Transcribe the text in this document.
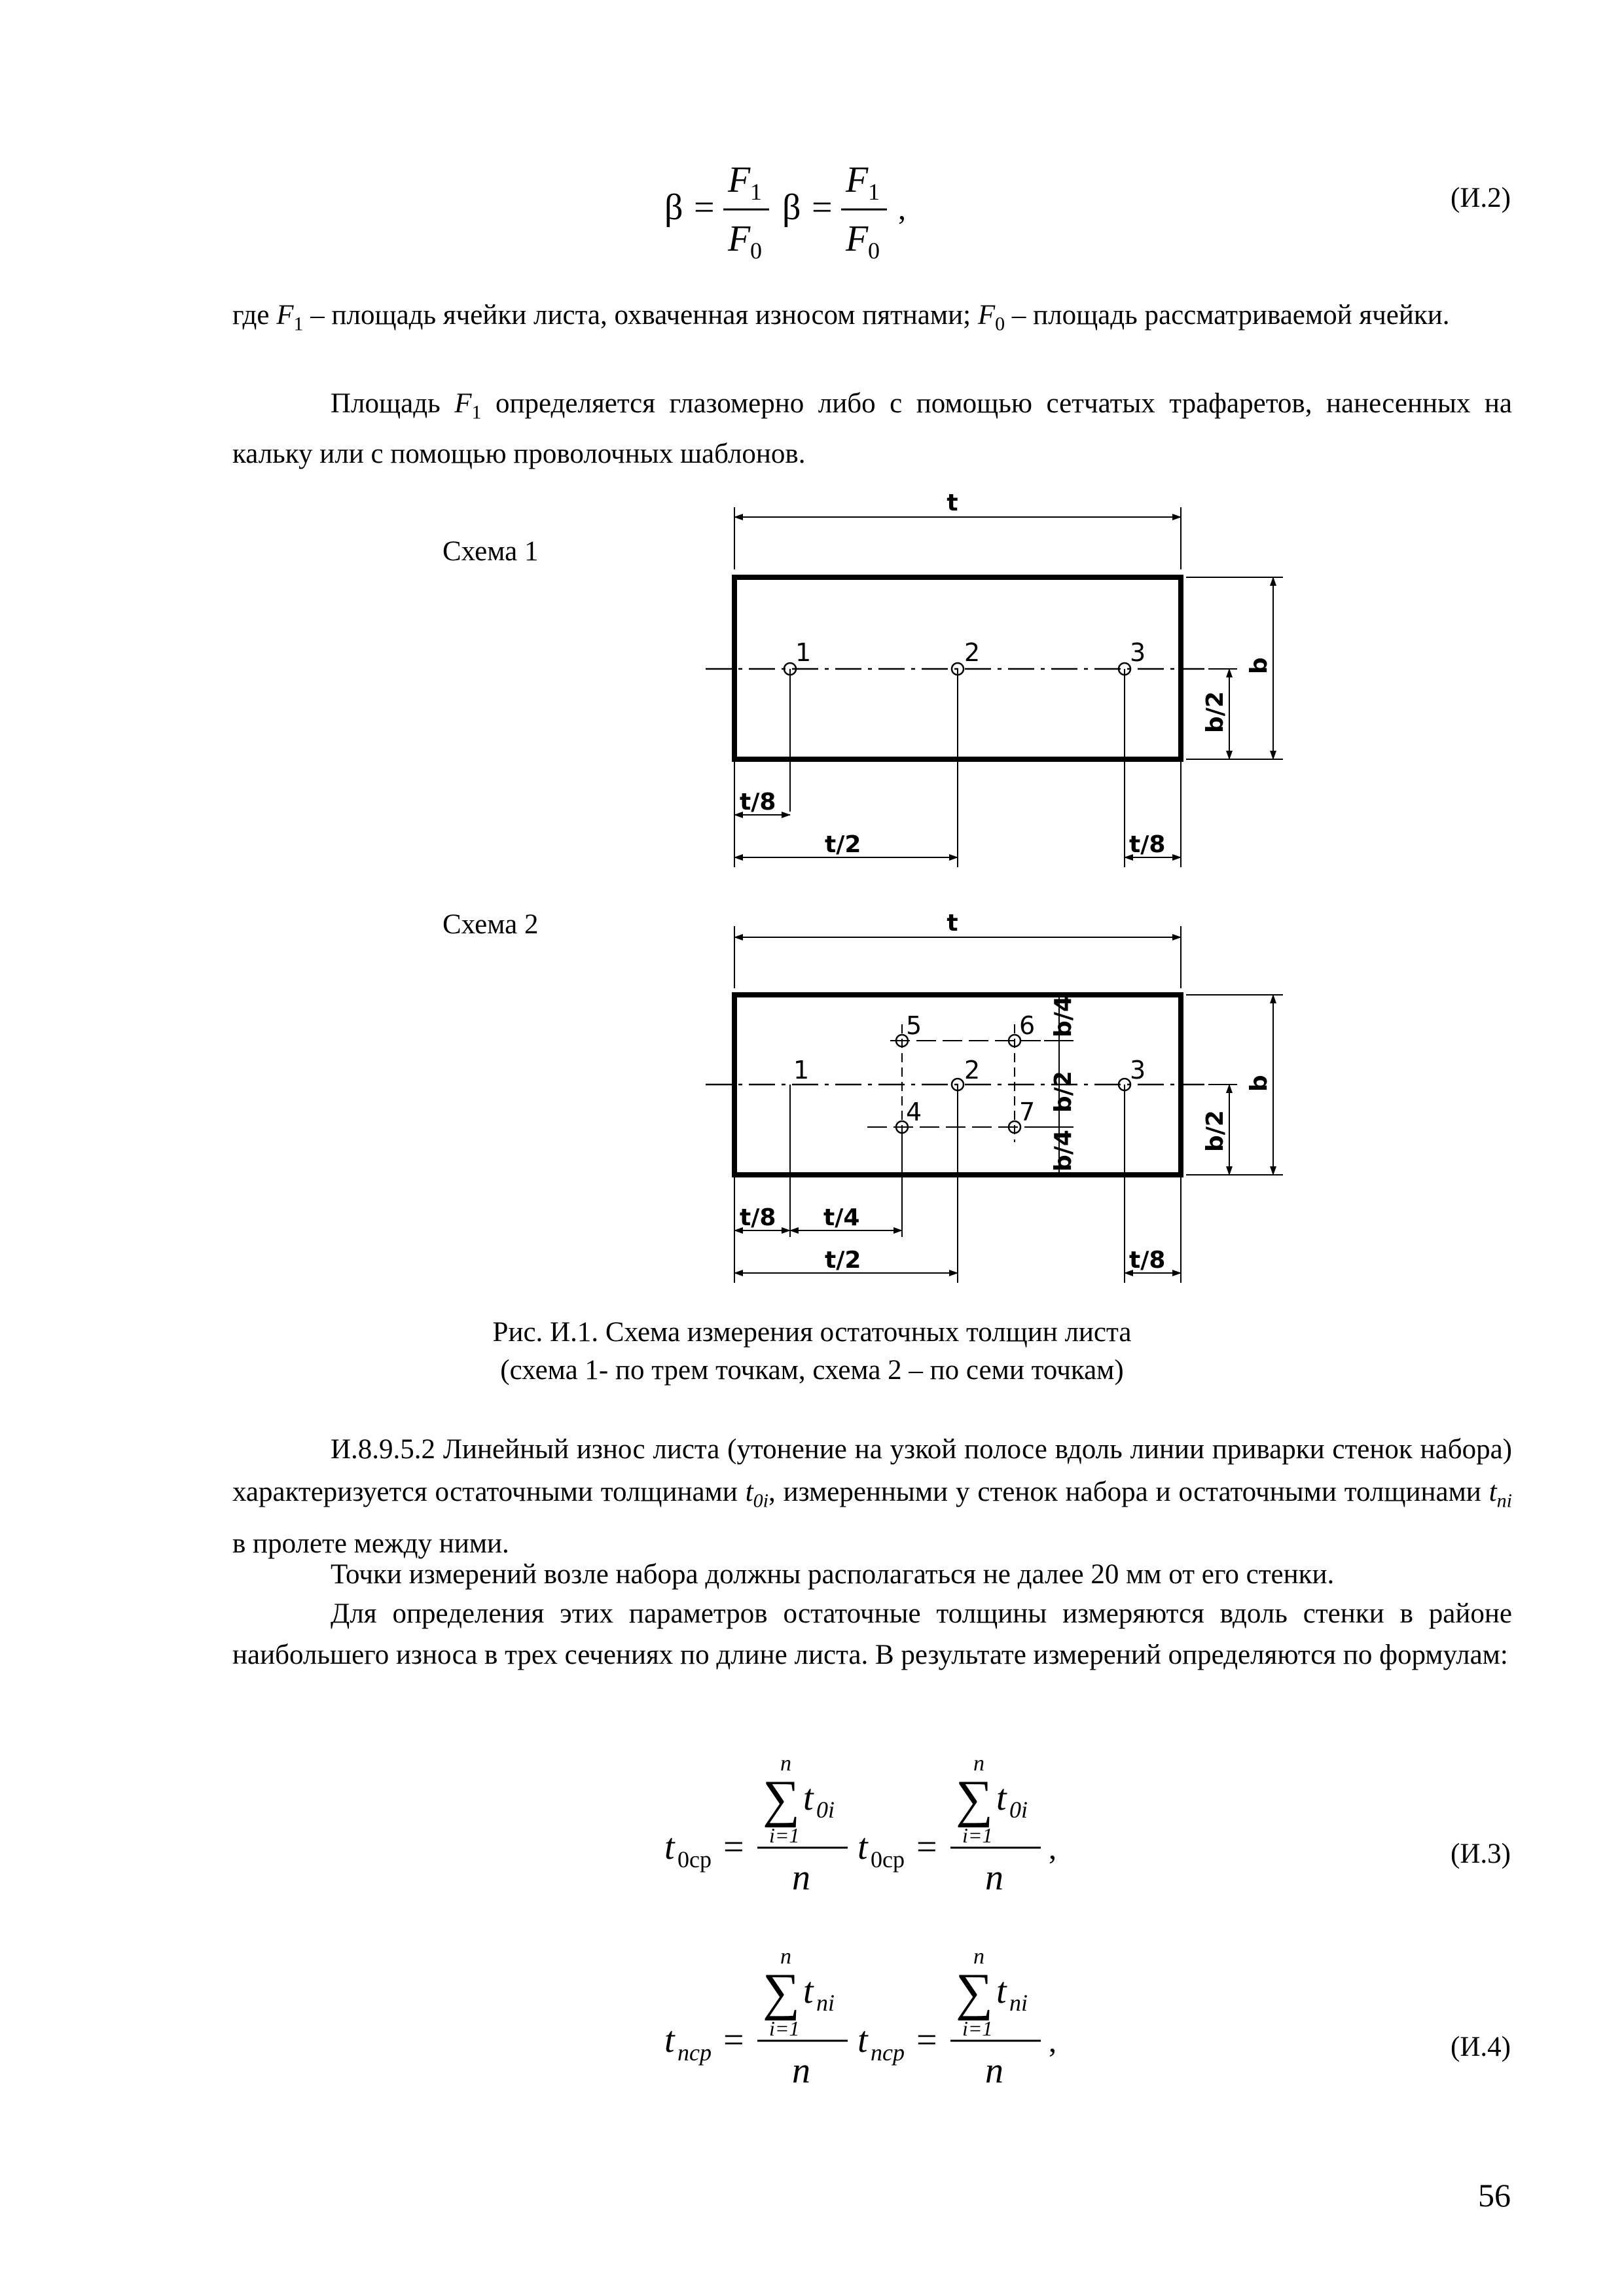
β =
F 1
F 0
β =
F 1
F 0
,	(И.2)
где $F_1$ – площадь ячейки листа, охваченная износом пятнами; $F_0$ – площадь рассматриваемой ячейки.
Площадь $F_1$ определяется глазомерно либо с помощью сетчатых трафаретов, нанесенных на кальку или с помощью проволочных шаблонов.
Схема 1
Схема 2
t
1	2	3	b
b/2
t/8
t/2	t/8
t
1	2	3
4
5	6
7
b/4
b/2
b/4
b
b/2
t/8 t/4
t/2	t/8
Рис. И.1. Схема измерения остаточных толщин листа
(схема 1- по трем точкам, схема 2 – по семи точкам)
И.8.9.5.2 Линейный износ листа (утонение на узкой полосе вдоль линии приварки стенок набора) характеризуется остаточными толщинами $t_{0i}$, измеренными у стенок набора и остаточными толщинами $t_{пi}$ в пролете между ними.
Точки измерений возле набора должны располагаться не далее 20 мм от его стенки.
Для определения этих параметров остаточные толщины измеряются вдоль стенки в районе наибольшего износа в трех сечениях по длине листа. В результате измерений определяются по формулам:
t 0ср =
n
∑ t 0i
i=1
n
t 0ср =
n
∑ t 0i
i=1
n
,	(И.3)
t пср =
n
∑ t пi
i=1
n
t пср =
n
∑ t пi
i=1
n
,	(И.4)
56
